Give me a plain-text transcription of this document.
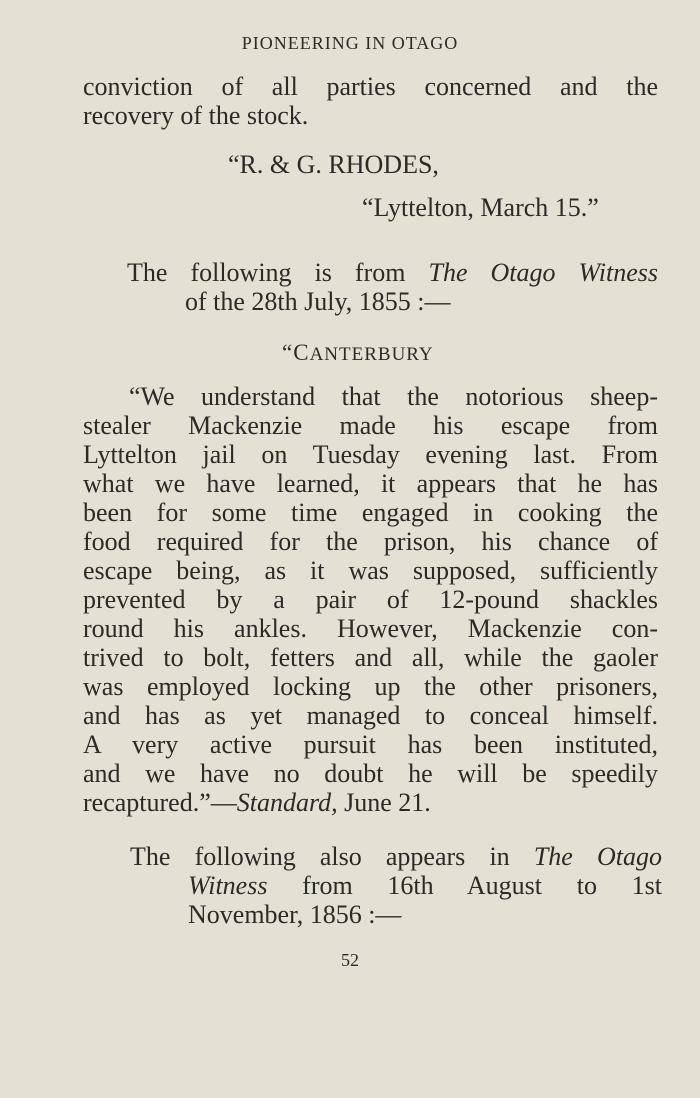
PIONEERING IN OTAGO
conviction of all parties concerned and the
recovery of the stock.
“R. & G. RHODES,
“Lyttelton, March 15.”
The following is from The Otago Witness
of the 28th July, 1855 :—
“CANTERBURY
“We understand that the notorious sheep-
stealer Mackenzie made his escape from
Lyttelton jail on Tuesday evening last. From
what we have learned, it appears that he has
been for some time engaged in cooking the
food required for the prison, his chance of
escape being, as it was supposed, sufficiently
prevented by a pair of 12-pound shackles
round his ankles. However, Mackenzie con-
trived to bolt, fetters and all, while the gaoler
was employed locking up the other prisoners,
and has as yet managed to conceal himself.
A very active pursuit has been instituted,
and we have no doubt he will be speedily
recaptured.”—Standard, June 21.
The following also appears in The Otago
Witness from 16th August to 1st
November, 1856 :—
52
